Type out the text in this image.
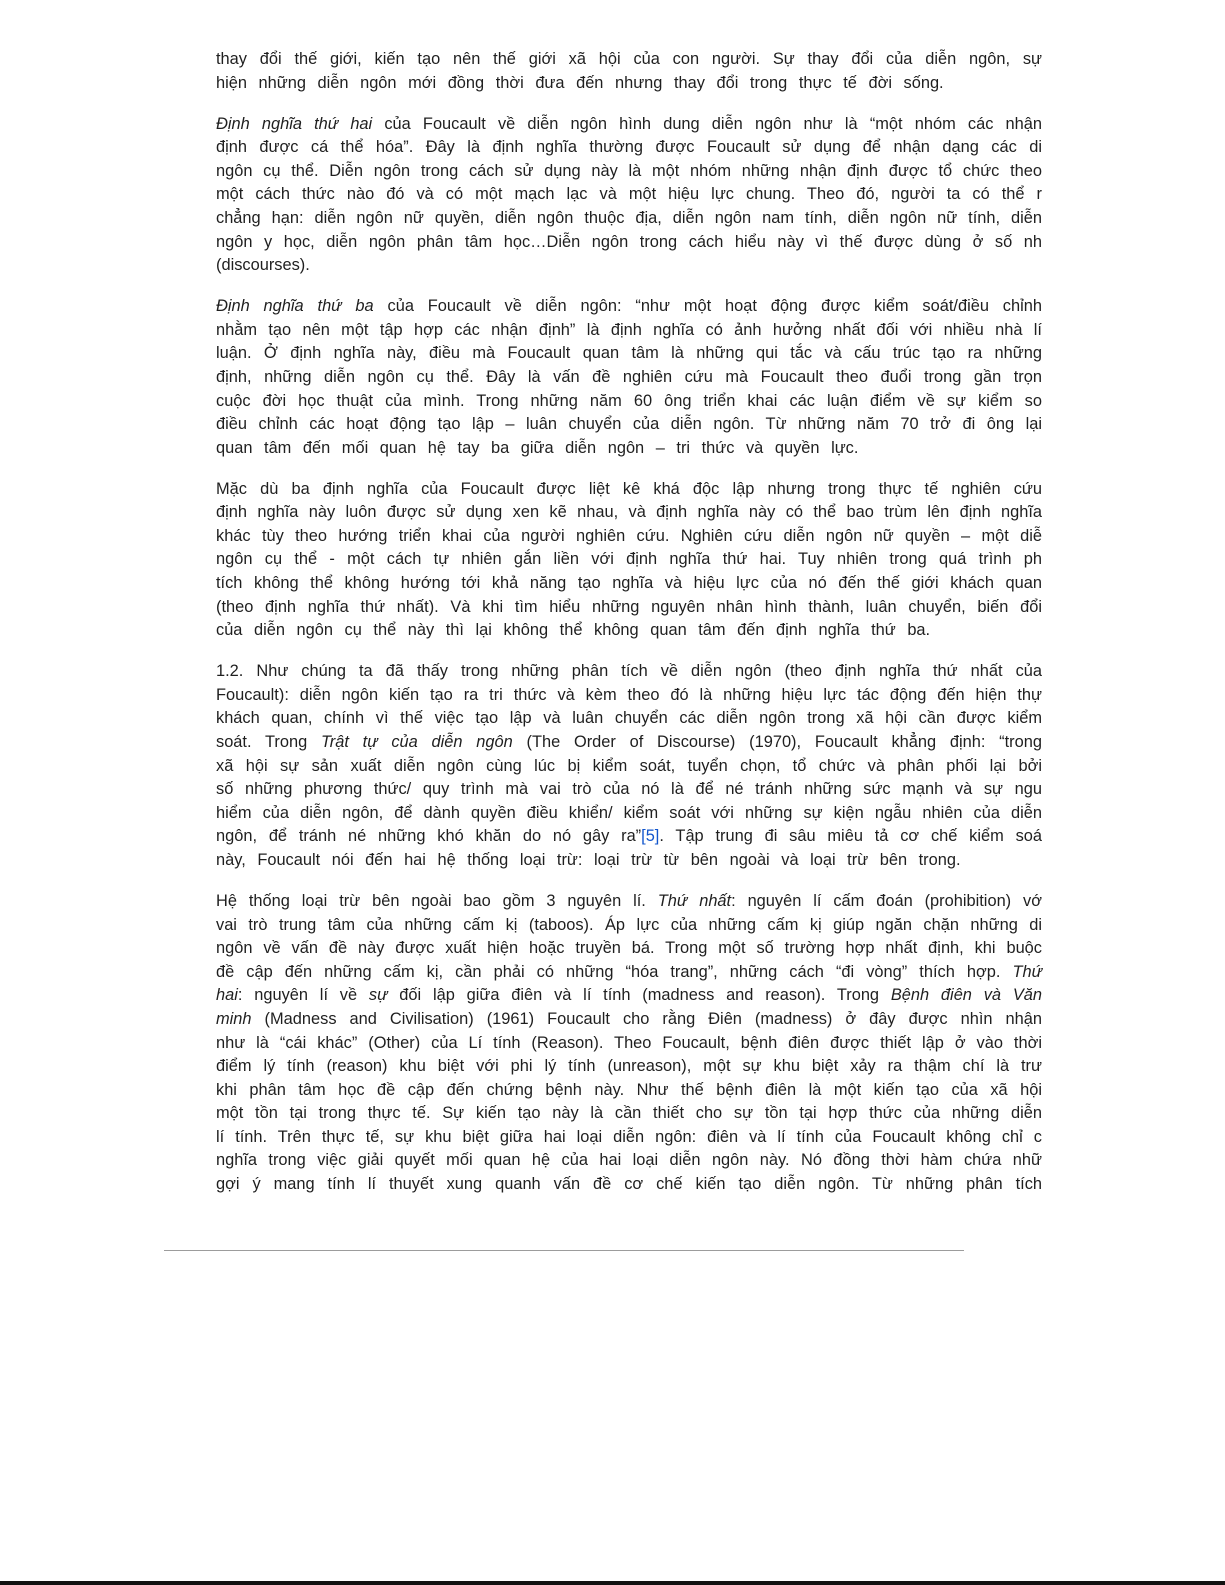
thay đổi thế giới, kiến tạo nên thế giới xã hội của con người. Sự thay đổi của diễn ngôn, sự
hiện những diễn ngôn mới đồng thời đưa đến nhưng thay đổi trong thực tế đời sống.
Định nghĩa thứ hai của Foucault về diễn ngôn hình dung diễn ngôn như là “một nhóm các nhận
định được cá thể hóa”. Đây là định nghĩa thường được Foucault sử dụng để nhận dạng các di
ngôn cụ thể. Diễn ngôn trong cách sử dụng này là một nhóm những nhận định được tổ chức theo
một cách thức nào đó và có một mạch lạc và một hiệu lực chung. Theo đó, người ta có thể r
chẳng hạn: diễn ngôn nữ quyền, diễn ngôn thuộc địa, diễn ngôn nam tính, diễn ngôn nữ tính, diễn
ngôn y học, diễn ngôn phân tâm học…Diễn ngôn trong cách hiểu này vì thế được dùng ở số nh
(discourses).
Định nghĩa thứ ba của Foucault về diễn ngôn: “như một hoạt động được kiểm soát/điều chỉnh
nhằm tạo nên một tập hợp các nhận định” là định nghĩa có ảnh hưởng nhất đối với nhiều nhà lí
luận. Ở định nghĩa này, điều mà Foucault quan tâm là những qui tắc và cấu trúc tạo ra những
định, những diễn ngôn cụ thể. Đây là vấn đề nghiên cứu mà Foucault theo đuổi trong gần trọn
cuộc đời học thuật của mình. Trong những năm 60 ông triển khai các luận điểm về sự kiểm so
điều chỉnh các hoạt động tạo lập – luân chuyển của diễn ngôn. Từ những năm 70 trở đi ông lại
quan tâm đến mối quan hệ tay ba giữa diễn ngôn – tri thức và quyền lực.
Mặc dù ba định nghĩa của Foucault được liệt kê khá độc lập nhưng trong thực tế nghiên cứu
định nghĩa này luôn được sử dụng xen kẽ nhau, và định nghĩa này có thể bao trùm lên định nghĩa
khác tùy theo hướng triển khai của người nghiên cứu. Nghiên cứu diễn ngôn nữ quyền – một diễ
ngôn cụ thể - một cách tự nhiên gắn liền với định nghĩa thứ hai. Tuy nhiên trong quá trình ph
tích không thể không hướng tới khả năng tạo nghĩa và hiệu lực của nó đến thế giới khách quan
(theo định nghĩa thứ nhất). Và khi tìm hiểu những nguyên nhân hình thành, luân chuyển, biến đổi
của diễn ngôn cụ thể này thì lại không thể không quan tâm đến định nghĩa thứ ba.
1.2. Như chúng ta đã thấy trong những phân tích về diễn ngôn (theo định nghĩa thứ nhất của
Foucault): diễn ngôn kiến tạo ra tri thức và kèm theo đó là những hiệu lực tác động đến hiện thự
khách quan, chính vì thế việc tạo lập và luân chuyển các diễn ngôn trong xã hội cần được kiểm
soát. Trong Trật tự của diễn ngôn (The Order of Discourse) (1970), Foucault khẳng định: “trong
xã hội sự sản xuất diễn ngôn cùng lúc bị kiểm soát, tuyển chọn, tổ chức và phân phối lại bởi
số những phương thức/ quy trình mà vai trò của nó là để né tránh những sức mạnh và sự ngu
hiểm của diễn ngôn, để dành quyền điều khiển/ kiểm soát với những sự kiện ngẫu nhiên của diễn
ngôn, để tránh né những khó khăn do nó gây ra”[5]. Tập trung đi sâu miêu tả cơ chế kiểm soá
này, Foucault nói đến hai hệ thống loại trừ: loại trừ từ bên ngoài và loại trừ bên trong.
Hệ thống loại trừ bên ngoài bao gồm 3 nguyên lí. Thứ nhất: nguyên lí cấm đoán (prohibition) vớ
vai trò trung tâm của những cấm kị (taboos). Áp lực của những cấm kị giúp ngăn chặn những di
ngôn về vấn đề này được xuất hiện hoặc truyền bá. Trong một số trường hợp nhất định, khi buộc
đề cập đến những cấm kị, cần phải có những “hóa trang”, những cách “đi vòng” thích hợp. Thứ
hai: nguyên lí về sự đối lập giữa điên và lí tính (madness and reason). Trong Bệnh điên và Văn
minh (Madness and Civilisation) (1961) Foucault cho rằng Điên (madness) ở đây được nhìn nhận
như là “cái khác” (Other) của Lí tính (Reason). Theo Foucault, bệnh điên được thiết lập ở vào thời
điểm lý tính (reason) khu biệt với phi lý tính (unreason), một sự khu biệt xảy ra thậm chí là trư
khi phân tâm học đề cập đến chứng bệnh này. Như thế bệnh điên là một kiến tạo của xã hội
một tồn tại trong thực tế. Sự kiến tạo này là cần thiết cho sự tồn tại hợp thức của những diễn
lí tính. Trên thực tế, sự khu biệt giữa hai loại diễn ngôn: điên và lí tính của Foucault không chỉ c
nghĩa trong việc giải quyết mối quan hệ của hai loại diễn ngôn này. Nó đồng thời hàm chứa nhữ
gợi ý mang tính lí thuyết xung quanh vấn đề cơ chế kiến tạo diễn ngôn. Từ những phân tích
